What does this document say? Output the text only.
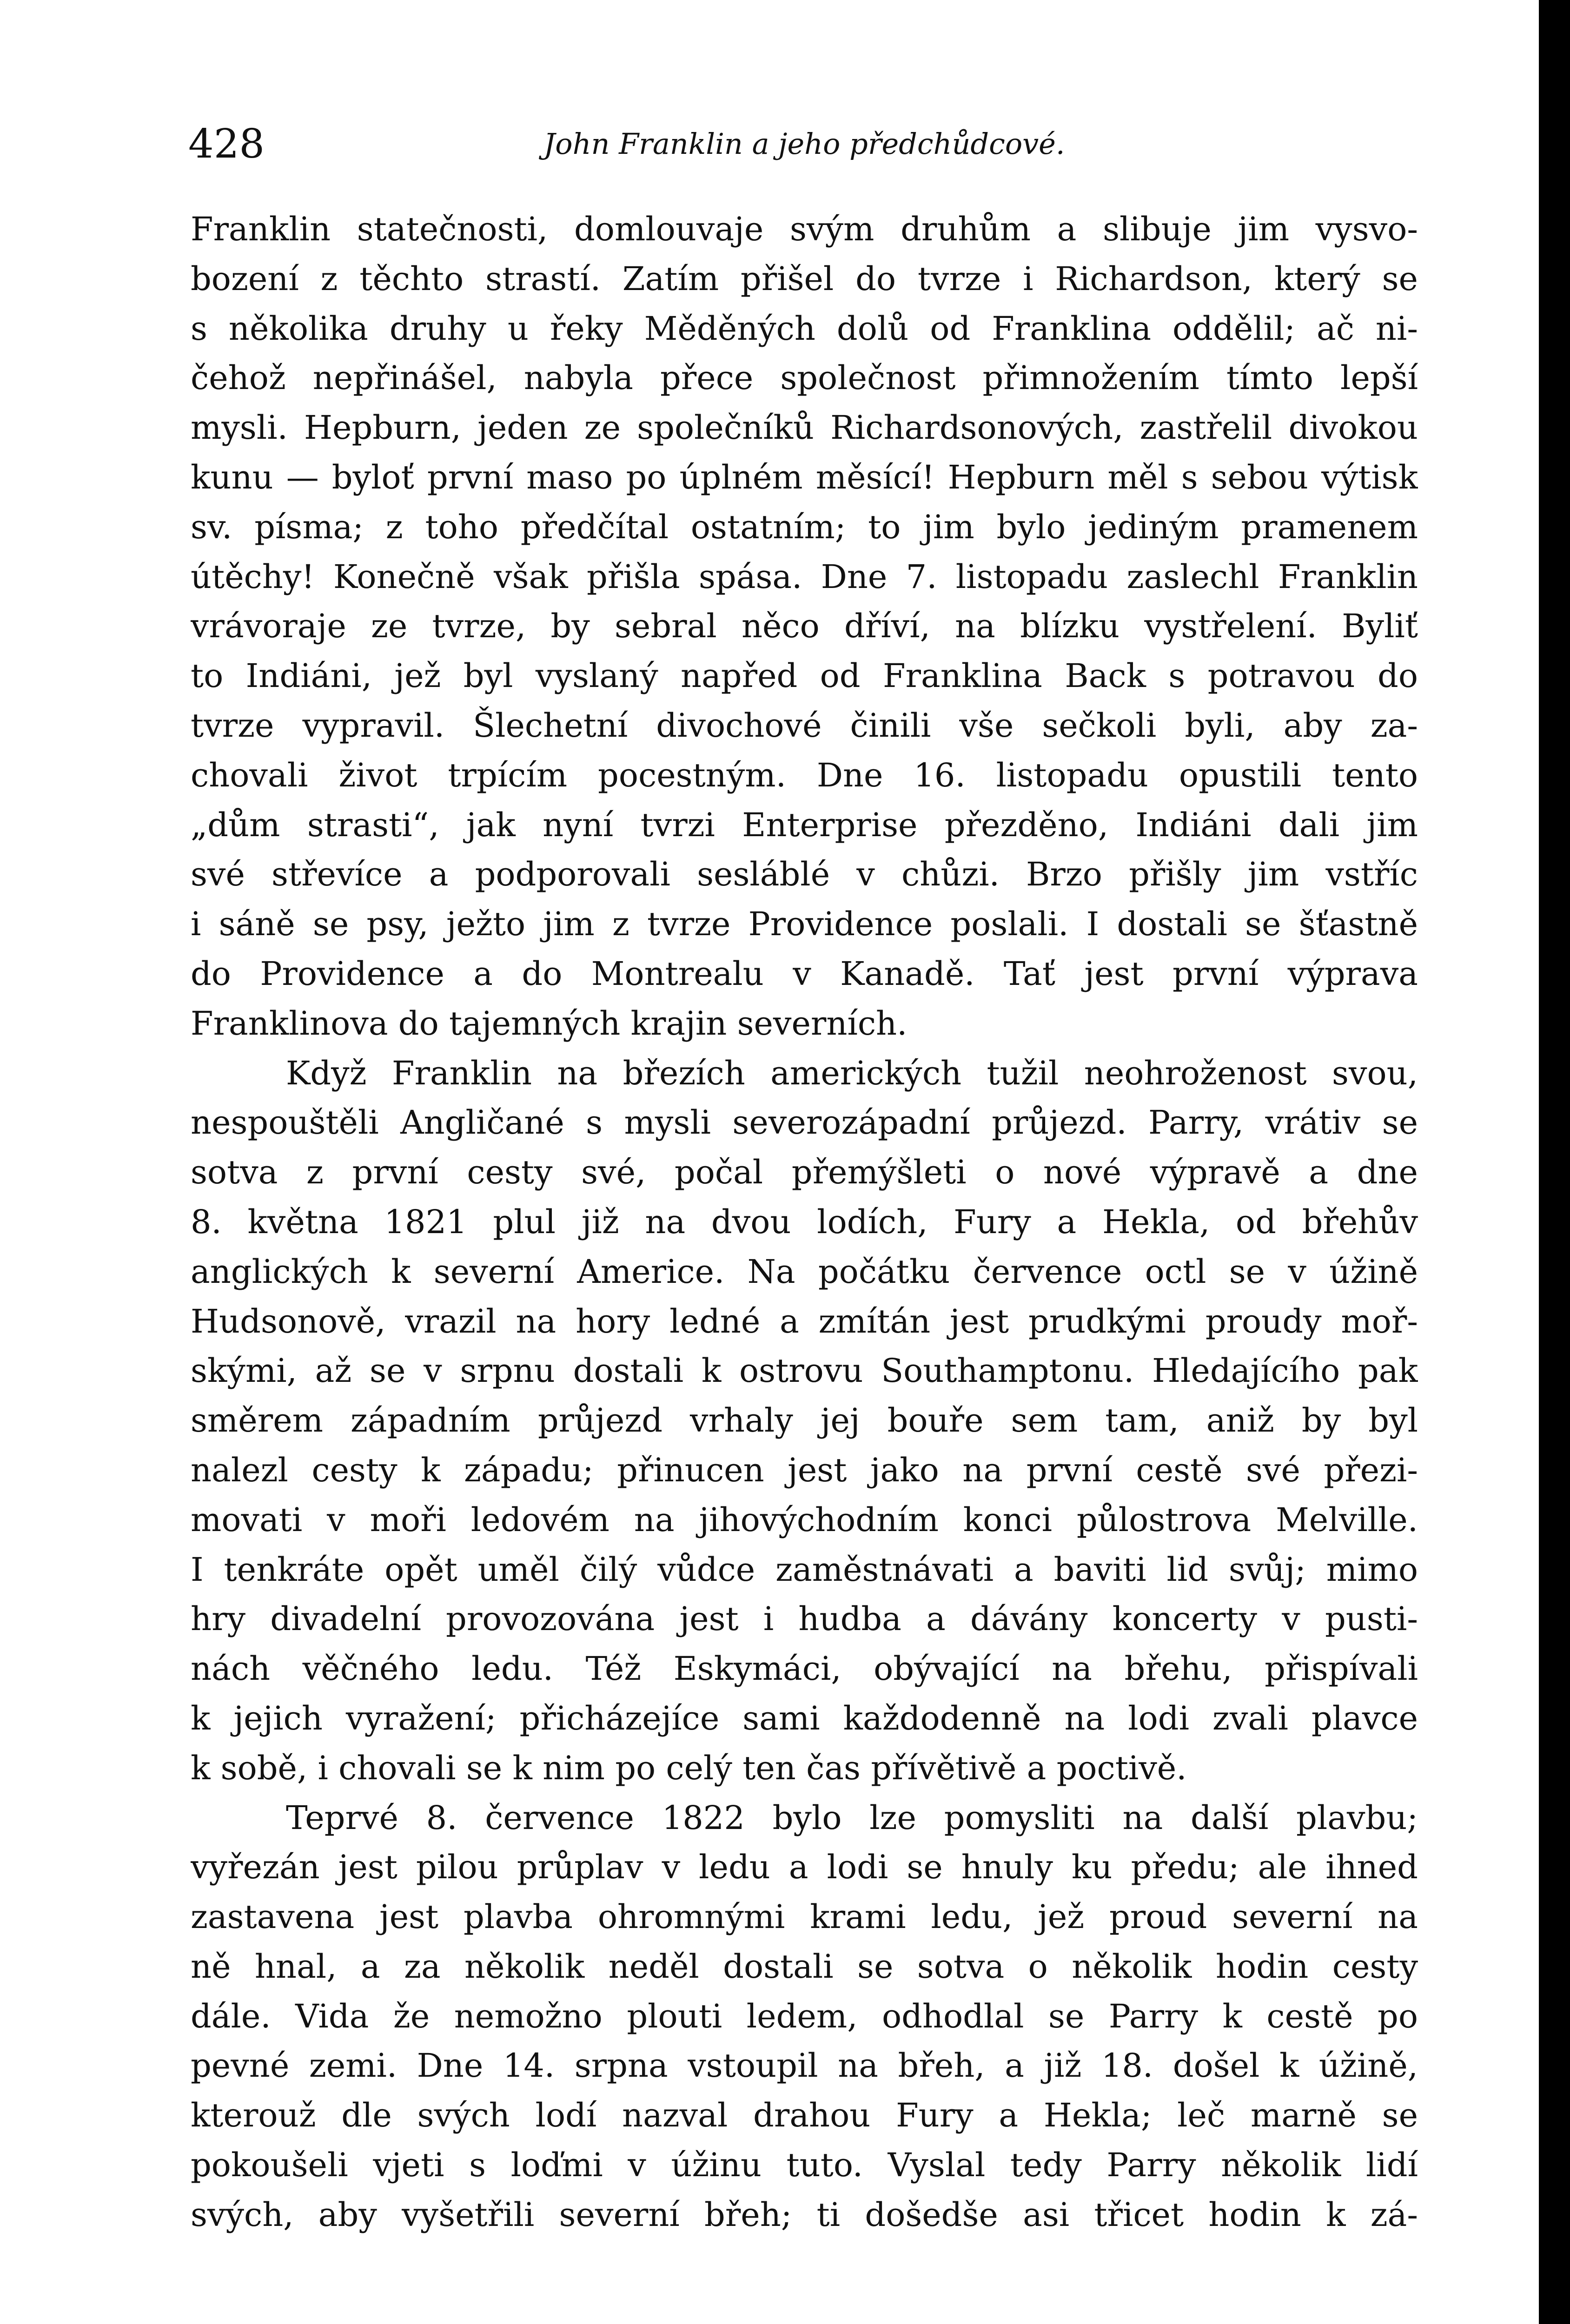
428	John Franklin a jeho předchůdcové.
Franklin statečnosti, domlouvaje svým druhům a slibuje jim vysvo-
bození z těchto strastí. Zatím přišel do tvrze i Richardson, který se
s několika druhy u řeky Měděných dolů od Franklina oddělil; ač ni-
čehož nepřinášel, nabyla přece společnost přimnožením tímto lepší
mysli. Hepburn, jeden ze společníků Richardsonových, zastřelil divokou
kunu — byloť první maso po úplném měsící! Hepburn měl s sebou výtisk
sv. písma; z toho předčítal ostatním; to jim bylo jediným pramenem
útěchy! Konečně však přišla spása. Dne 7. listopadu zaslechl Franklin
vrávoraje ze tvrze, by sebral něco dříví, na blízku vystřelení. Byliť
to Indiáni, jež byl vyslaný napřed od Franklina Back s potravou do
tvrze vypravil. Šlechetní divochové činili vše sečkoli byli, aby za-
chovali život trpícím pocestným. Dne 16. listopadu opustili tento
„dům strasti“, jak nyní tvrzi Enterprise přezděno, Indiáni dali jim
své střevíce a podporovali sesláblé v chůzi. Brzo přišly jim vstříc
i sáně se psy, ježto jim z tvrze Providence poslali. I dostali se šťastně
do Providence a do Montrealu v Kanadě. Tať jest první výprava
Franklinova do tajemných krajin severních.
Když Franklin na březích amerických tužil neohroženost svou,
nespouštěli Angličané s mysli severozápadní průjezd. Parry, vrátiv se
sotva z první cesty své, počal přemýšleti o nové výpravě a dne
8. května 1821 plul již na dvou lodích, Fury a Hekla, od břehův
anglických k severní Americe. Na počátku července octl se v úžině
Hudsonově, vrazil na hory ledné a zmítán jest prudkými proudy moř-
skými, až se v srpnu dostali k ostrovu Southamptonu. Hledajícího pak
směrem západním průjezd vrhaly jej bouře sem tam, aniž by byl
nalezl cesty k západu; přinucen jest jako na první cestě své přezi-
movati v moři ledovém na jihovýchodním konci půlostrova Melville.
I tenkráte opět uměl čilý vůdce zaměstnávati a baviti lid svůj; mimo
hry divadelní provozována jest i hudba a dávány koncerty v pusti-
nách věčného ledu. Též Eskymáci, obývající na břehu, přispívali
k jejich vyražení; přicházejíce sami každodenně na lodi zvali plavce
k sobě, i chovali se k nim po celý ten čas přívětivě a poctivě.
Teprvé 8. července 1822 bylo lze pomysliti na další plavbu;
vyřezán jest pilou průplav v ledu a lodi se hnuly ku předu; ale ihned
zastavena jest plavba ohromnými krami ledu, jež proud severní na
ně hnal, a za několik neděl dostali se sotva o několik hodin cesty
dále. Vida že nemožno plouti ledem, odhodlal se Parry k cestě po
pevné zemi. Dne 14. srpna vstoupil na břeh, a již 18. došel k úžině,
kterouž dle svých lodí nazval drahou Fury a Hekla; leč marně se
pokoušeli vjeti s loďmi v úžinu tuto. Vyslal tedy Parry několik lidí
svých, aby vyšetřili severní břeh; ti došedše asi třicet hodin k zá-
